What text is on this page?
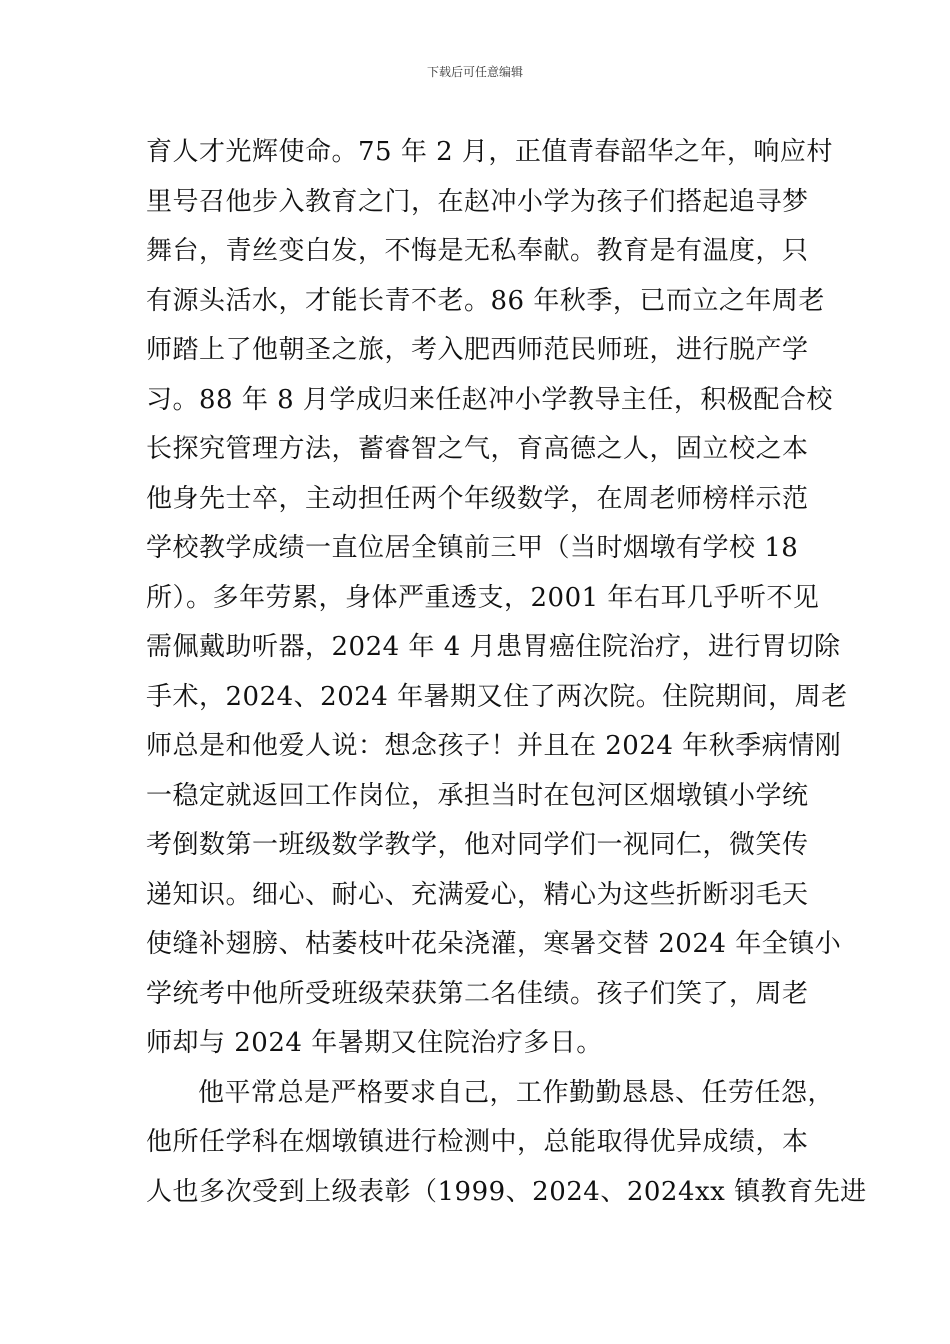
下载后可任意编辑
育人才光辉使命。75 年 2 月，正值青春韶华之年，响应村
里号召他步入教育之门，在赵冲小学为孩子们搭起追寻梦
舞台，青丝变白发，不悔是无私奉献。教育是有温度，只
有源头活水，才能长青不老。86 年秋季，已而立之年周老
师踏上了他朝圣之旅，考入肥西师范民师班，进行脱产学
习。88 年 8 月学成归来任赵冲小学教导主任，积极配合校
长探究管理方法，蓄睿智之气，育高德之人，固立校之本
他身先士卒，主动担任两个年级数学，在周老师榜样示范
学校教学成绩一直位居全镇前三甲（当时烟墩有学校 18
所）。多年劳累，身体严重透支，2001 年右耳几乎听不见
需佩戴助听器，2024 年 4 月患胃癌住院治疗，进行胃切除
手术，2024、2024 年暑期又住了两次院。住院期间，周老
师总是和他爱人说：想念孩子！并且在 2024 年秋季病情刚
一稳定就返回工作岗位，承担当时在包河区烟墩镇小学统
考倒数第一班级数学教学，他对同学们一视同仁，微笑传
递知识。细心、耐心、充满爱心，精心为这些折断羽毛天
使缝补翅膀、枯萎枝叶花朵浇灌，寒暑交替 2024 年全镇小
学统考中他所受班级荣获第二名佳绩。孩子们笑了，周老
师却与 2024 年暑期又住院治疗多日。
他平常总是严格要求自己，工作勤勤恳恳、任劳任怨，
他所任学科在烟墩镇进行检测中，总能取得优异成绩，本
人也多次受到上级表彰（1999、2024、2024xx 镇教育先进
